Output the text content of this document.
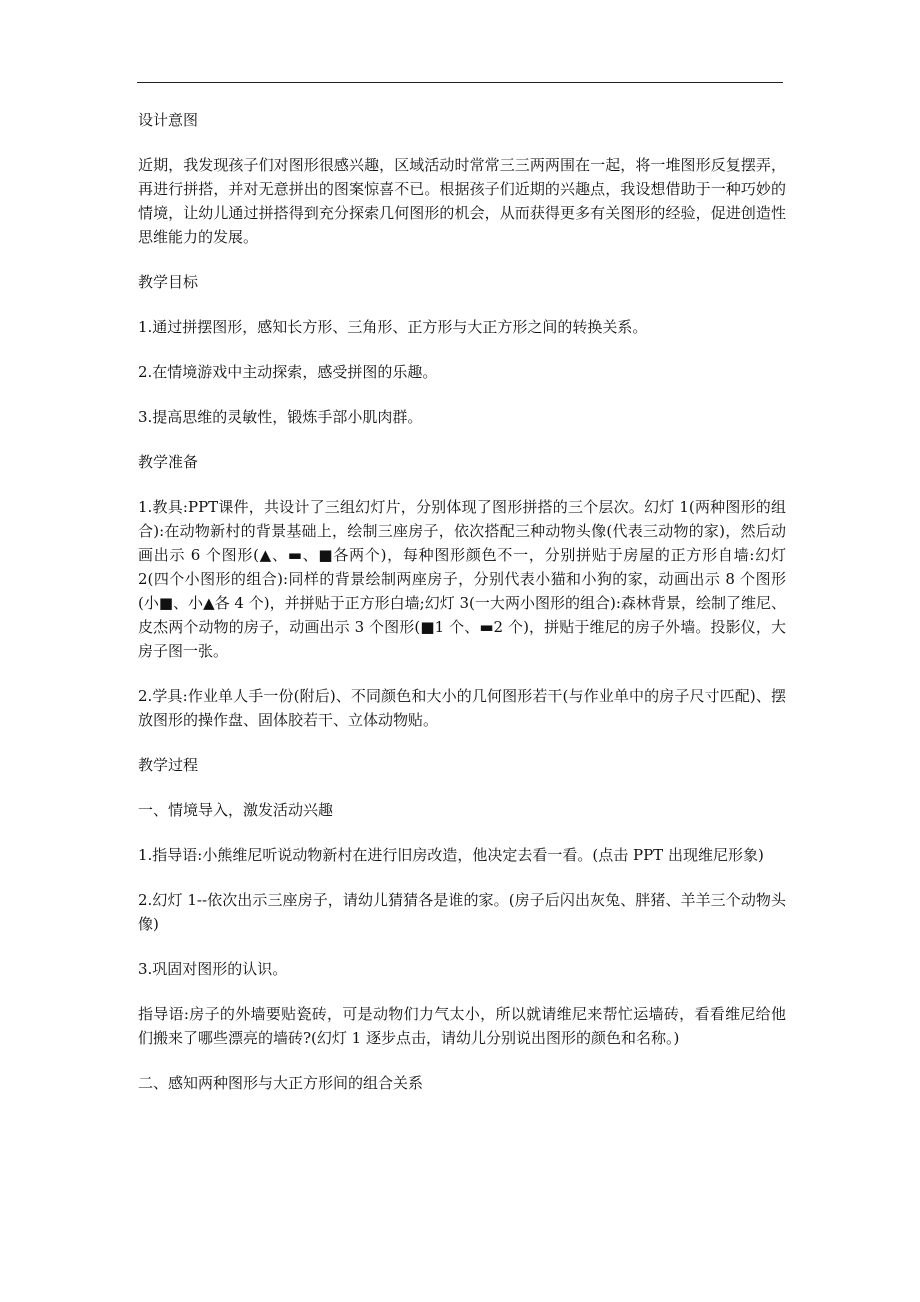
设计意图

近期，我发现孩子们对图形很感兴趣，区域活动时常常三三两两围在一起，将一堆图形反复摆弄，再进行拼搭，并对无意拼出的图案惊喜不已。根据孩子们近期的兴趣点，我设想借助于一种巧妙的情境，让幼儿通过拼搭得到充分探索几何图形的机会，从而获得更多有关图形的经验，促进创造性思维能力的发展。

教学目标

1.通过拼摆图形，感知长方形、三角形、正方形与大正方形之间的转换关系。

2.在情境游戏中主动探索，感受拼图的乐趣。

3.提高思维的灵敏性，锻炼手部小肌肉群。

教学准备

1.教具:PPT课件，共设计了三组幻灯片，分别体现了图形拼搭的三个层次。幻灯 1(两种图形的组合):在动物新村的背景基础上，绘制三座房子，依次搭配三种动物头像(代表三动物的家)，然后动画出示 6 个图形(▲、▬、■各两个)，每种图形颜色不一，分别拼贴于房屋的正方形自墙:幻灯 2(四个小图形的组合):同样的背景绘制两座房子，分别代表小猫和小狗的家，动画出示 8 个图形(小■、小▲各 4 个)，并拼贴于正方形白墙;幻灯 3(一大两小图形的组合):森林背景，绘制了维尼、皮杰两个动物的房子，动画出示 3 个图形(■1 个、▬2 个)，拼贴于维尼的房子外墙。投影仪，大房子图一张。

2.学具:作业单人手一份(附后)、不同颜色和大小的几何图形若干(与作业单中的房子尺寸匹配)、摆放图形的操作盘、固体胶若干、立体动物贴。

教学过程

一、情境导入，激发活动兴趣

1.指导语:小熊维尼听说动物新村在进行旧房改造，他决定去看一看。(点击 PPT 出现维尼形象)

2.幻灯 1--依次出示三座房子，请幼儿猜猜各是谁的家。(房子后闪出灰兔、胖猪、羊羊三个动物头像)

3.巩固对图形的认识。

指导语:房子的外墙要贴瓷砖，可是动物们力气太小，所以就请维尼来帮忙运墙砖，看看维尼给他们搬来了哪些漂亮的墙砖?(幻灯 1 逐步点击，请幼儿分别说出图形的颜色和名称。)

二、感知两种图形与大正方形间的组合关系
